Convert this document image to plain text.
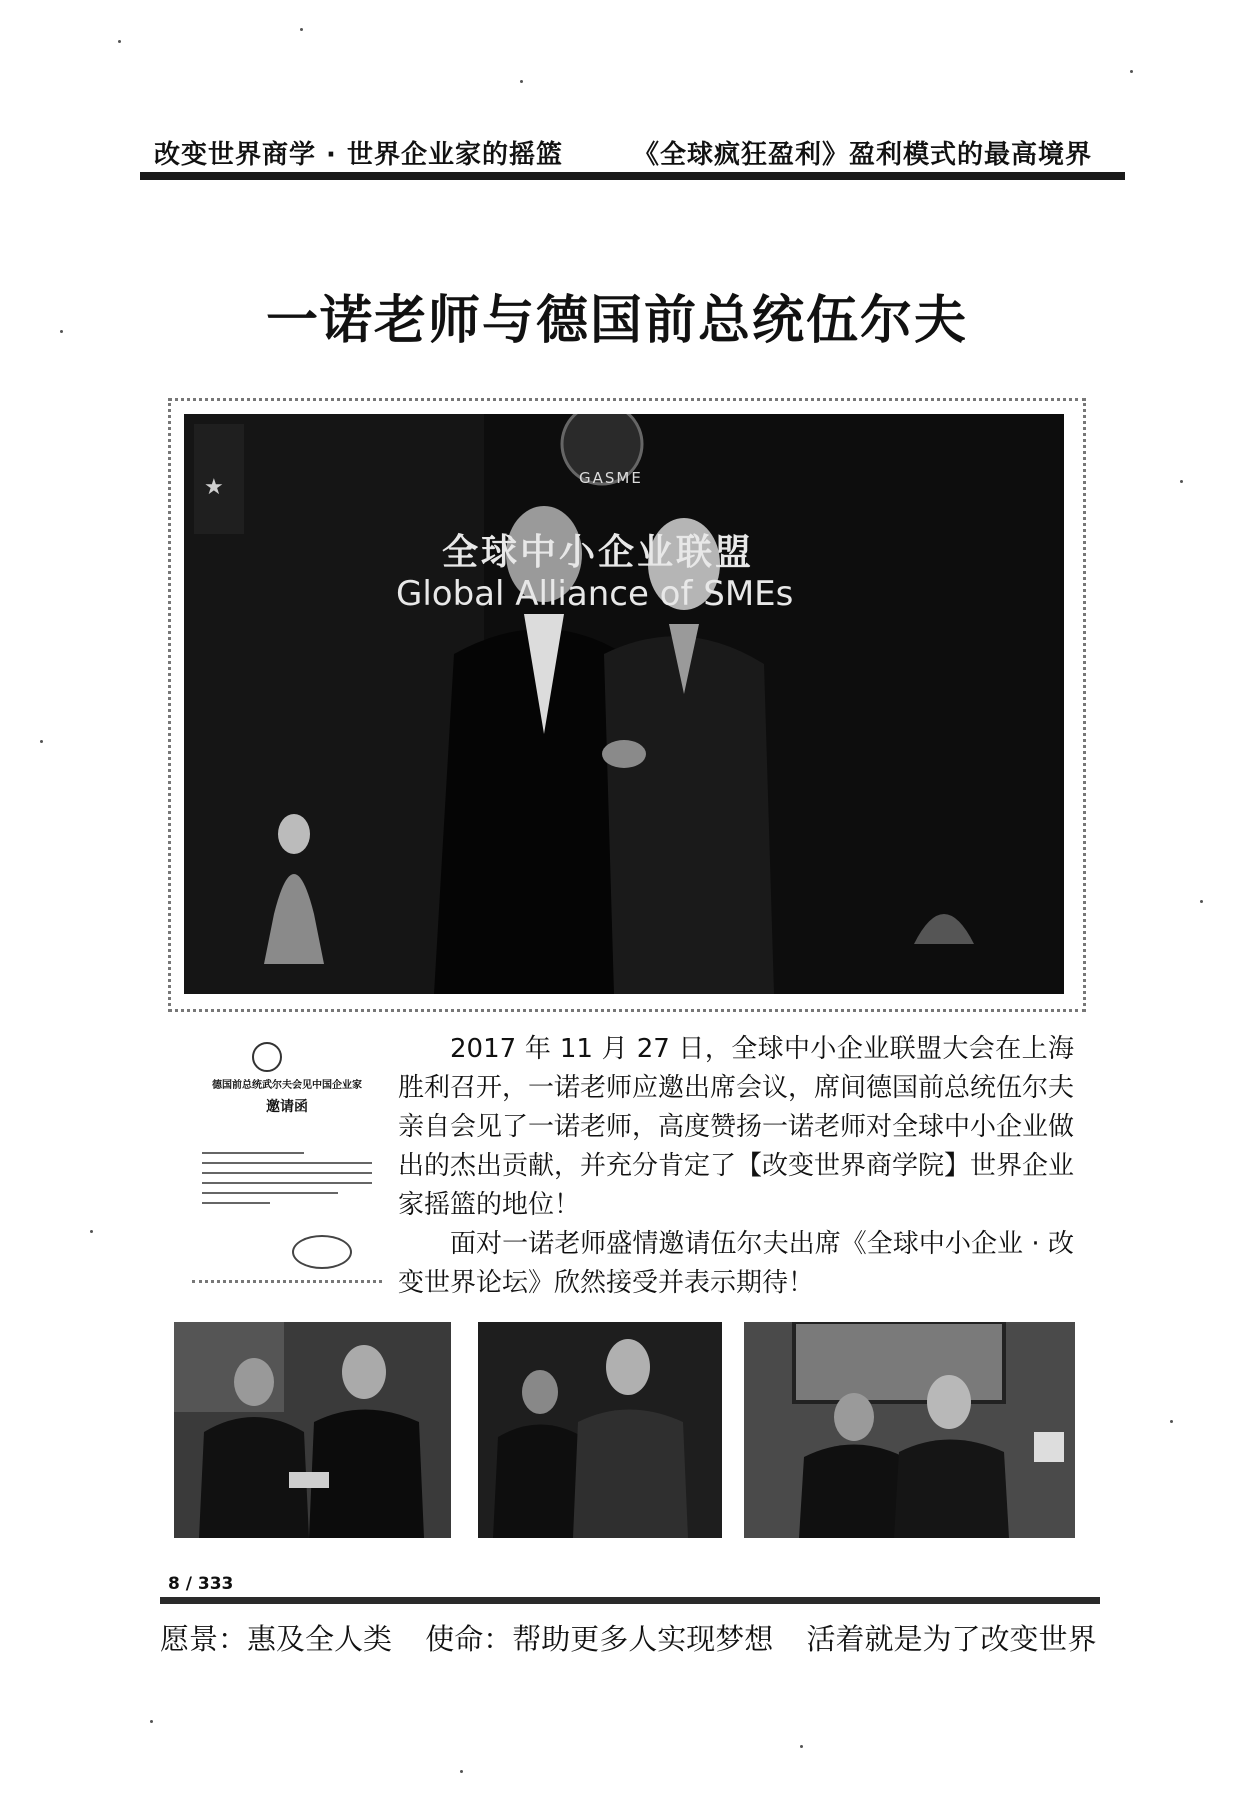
改变世界商学 · 世界企业家的摇篮	《全球疯狂盈利》盈利模式的最高境界
一诺老师与德国前总统伍尔夫
★	GASME
全球中小企业联盟
Global Alliance of SMEs
德国前总统武尔夫会见中国企业家
邀请函

2017 年 11 月 27 日，全球中小企业联盟大会在上海胜利召开，一诺老师应邀出席会议，席间德国前总统伍尔夫亲自会见了一诺老师，高度赞扬一诺老师对全球中小企业做出的杰出贡献，并充分肯定了【改变世界商学院】世界企业家摇篮的地位！

面对一诺老师盛情邀请伍尔夫出席《全球中小企业 · 改变世界论坛》欣然接受并表示期待！

8 / 333
愿景：惠及全人类 使命：帮助更多人实现梦想 活着就是为了改变世界
